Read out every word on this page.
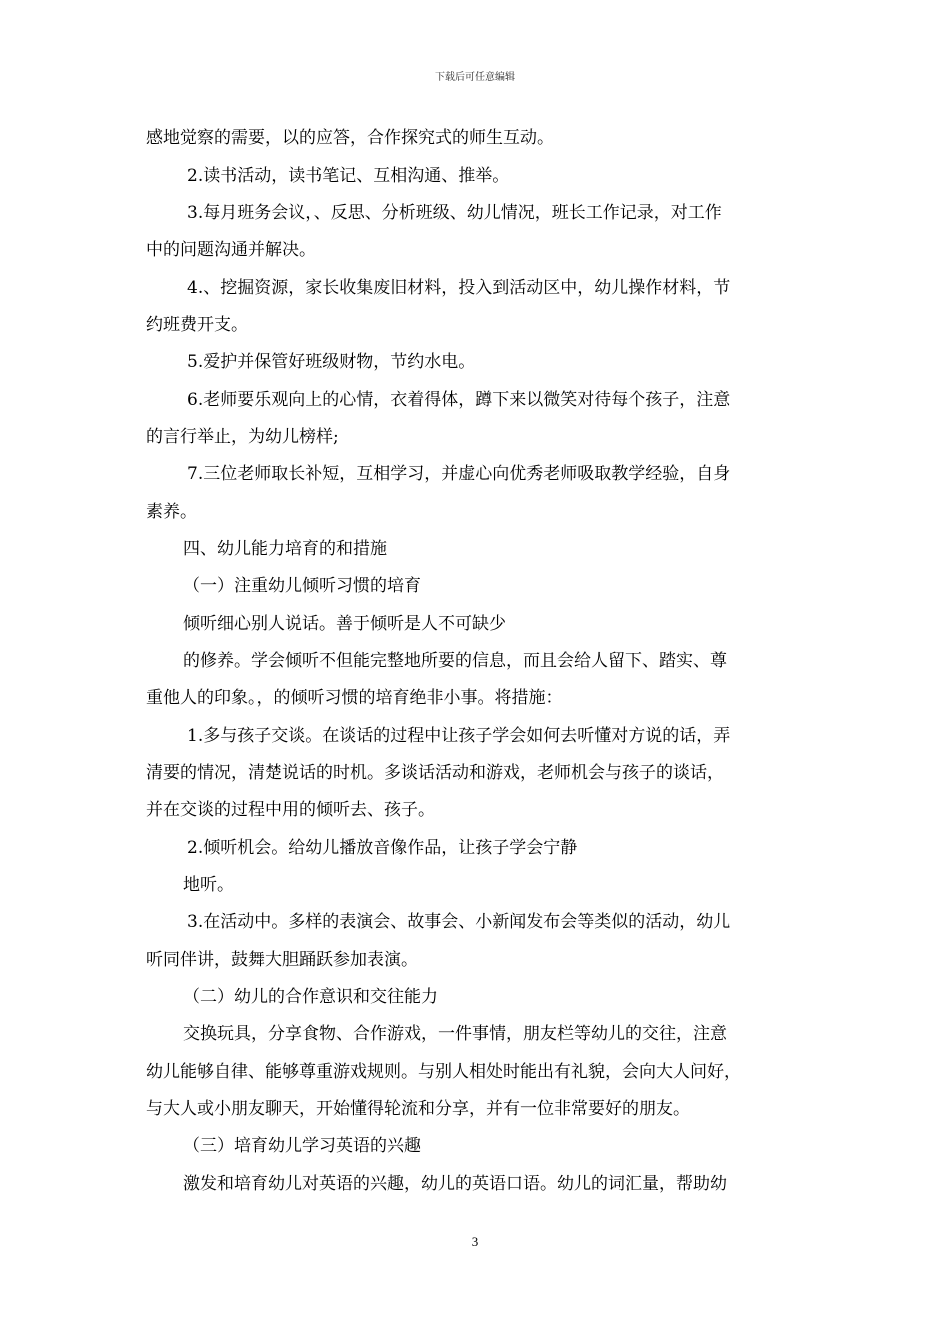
下载后可任意编辑
感地觉察的需要，以的应答，合作探究式的师生互动。
2.读书活动，读书笔记、互相沟通、推举。
3.每月班务会议，、反思、分析班级、幼儿情况，班长工作记录，对工作
中的问题沟通并解决。
4.、挖掘资源，家长收集废旧材料，投入到活动区中，幼儿操作材料，节
约班费开支。
5.爱护并保管好班级财物，节约水电。
6.老师要乐观向上的心情，衣着得体，蹲下来以微笑对待每个孩子，注意
的言行举止，为幼儿榜样;
7.三位老师取长补短，互相学习，并虚心向优秀老师吸取教学经验，自身
素养。
四、幼儿能力培育的和措施
（一）注重幼儿倾听习惯的培育
倾听细心别人说话。善于倾听是人不可缺少
的修养。学会倾听不但能完整地所要的信息，而且会给人留下、踏实、尊
重他人的印象。，的倾听习惯的培育绝非小事。将措施：
1.多与孩子交谈。在谈话的过程中让孩子学会如何去听懂对方说的话，弄
清要的情况，清楚说话的时机。多谈话活动和游戏，老师机会与孩子的谈话，
并在交谈的过程中用的倾听去、孩子。
2.倾听机会。给幼儿播放音像作品，让孩子学会宁静
地听。
3.在活动中。多样的表演会、故事会、小新闻发布会等类似的活动，幼儿
听同伴讲，鼓舞大胆踊跃参加表演。
（二）幼儿的合作意识和交往能力
交换玩具，分享食物、合作游戏，一件事情，朋友栏等幼儿的交往，注意
幼儿能够自律、能够尊重游戏规则。与别人相处时能出有礼貌，会向大人问好，
与大人或小朋友聊天，开始懂得轮流和分享，并有一位非常要好的朋友。
（三）培育幼儿学习英语的兴趣
激发和培育幼儿对英语的兴趣，幼儿的英语口语。幼儿的词汇量，帮助幼
3
